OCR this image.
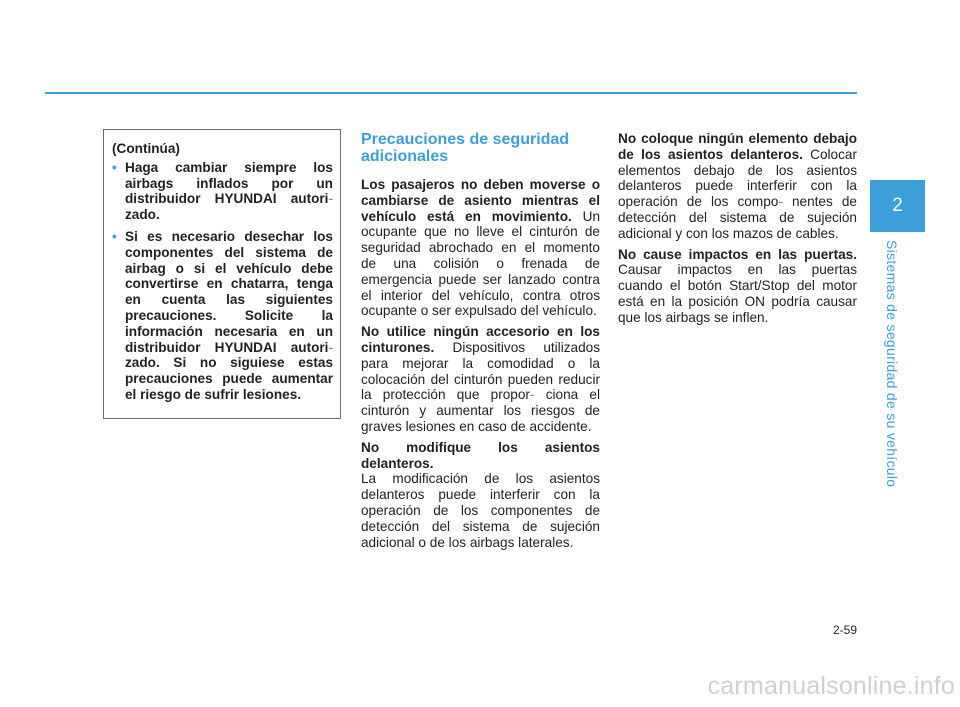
(Continúa)
• Haga cambiar siempre los airbags inflados por un distribuidor HYUNDAI autori- zado.
• Si es necesario desechar los componentes del sistema de airbag o si el vehículo debe convertirse en chatarra, tenga en cuenta las siguientes precauciones. Solicite la información necesaria en un distribuidor HYUNDAI autori- zado. Si no siguiese estas precauciones puede aumentar el riesgo de sufrir lesiones.
Precauciones de seguridad adicionales

Los pasajeros no deben moverse o cambiarse de asiento mientras el vehículo está en movimiento. Un ocupante que no lleve el cinturón de seguridad abrochado en el momento de una colisión o frenada de emergencia puede ser lanzado contra el interior del vehículo, contra otros ocupante o ser expulsado del vehículo.

No utilice ningún accesorio en los cinturones. Dispositivos utilizados para mejorar la comodidad o la colocación del cinturón pueden reducir la protección que propor- ciona el cinturón y aumentar los riesgos de graves lesiones en caso de accidente.

No modifique los asientos delanteros.
La modificación de los asientos delanteros puede interferir con la operación de los componentes de detección del sistema de sujeción adicional o de los airbags laterales.

No coloque ningún elemento debajo de los asientos delanteros. Colocar elementos debajo de los asientos delanteros puede interferir con la operación de los compo- nentes de detección del sistema de sujeción adicional y con los mazos de cables.

No cause impactos en las puertas. Causar impactos en las puertas cuando el botón Start/Stop del motor está en la posición ON podría causar que los airbags se inflen.

2
Sistemas de seguridad de su vehículo
2-59
carmanualsonline.info
